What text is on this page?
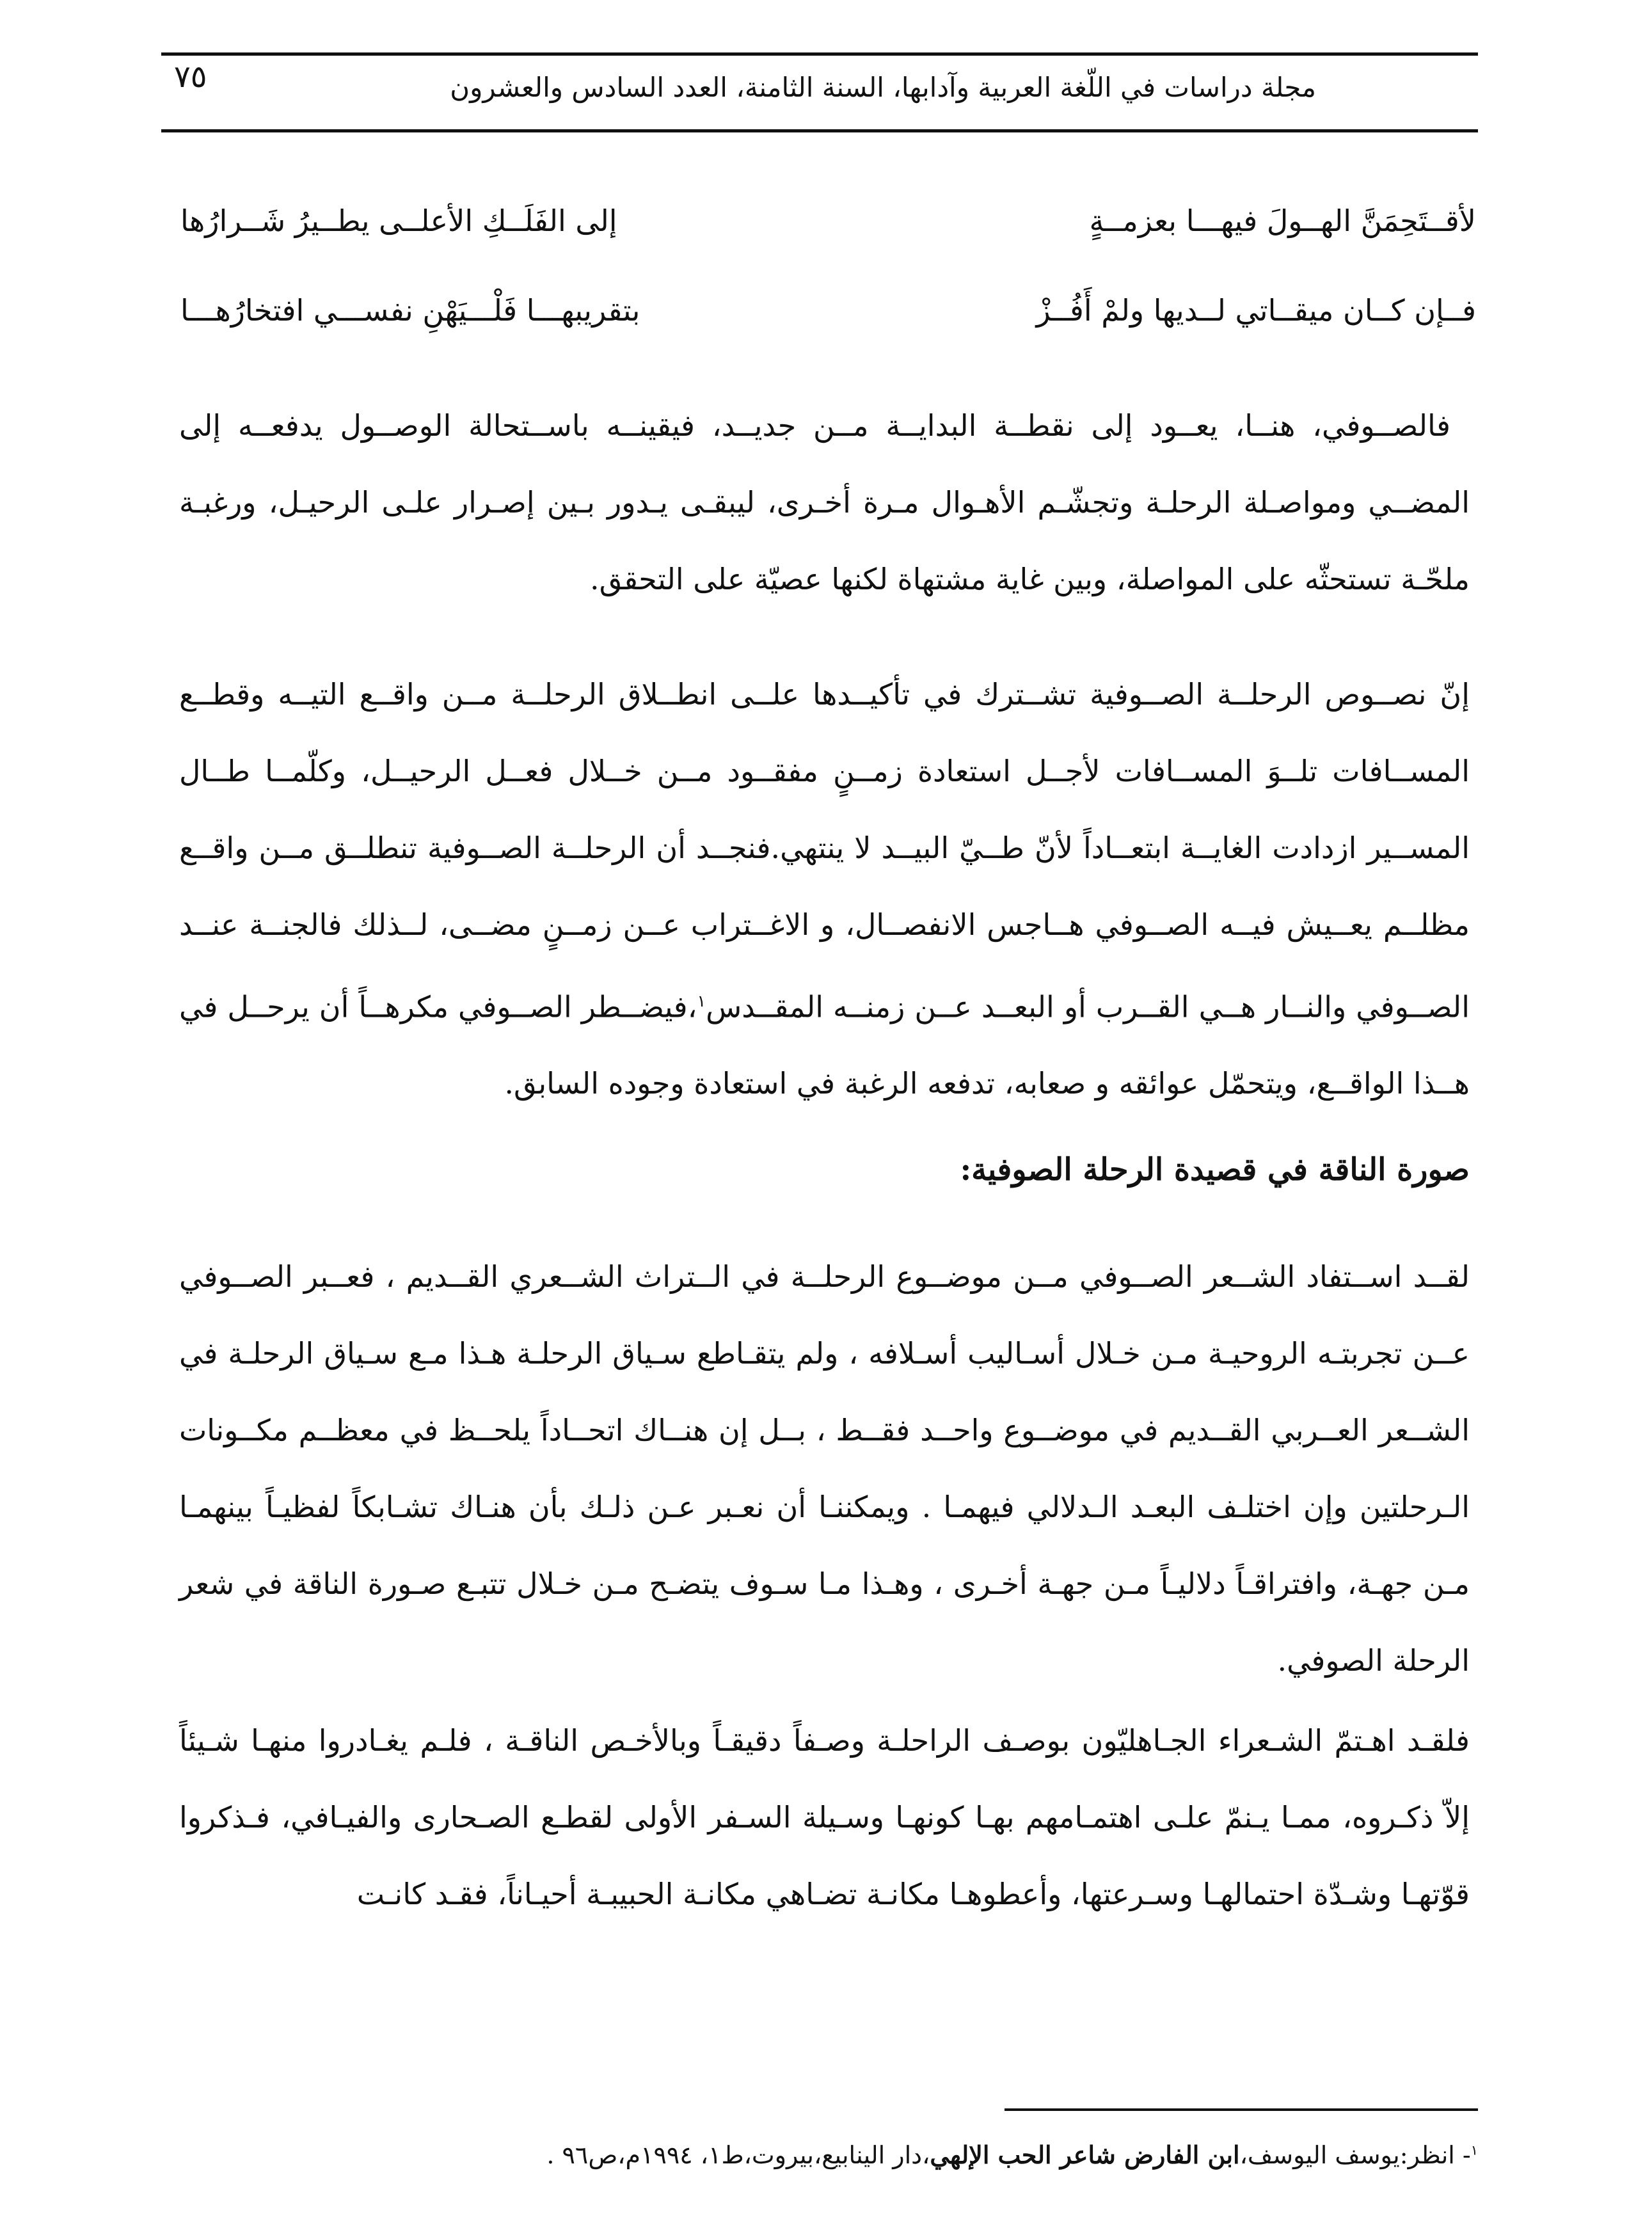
٧٥	مجلة دراسات في اللّغة العربية وآدابها، السنة الثامنة، العدد السادس والعشرون
لأقــتَحِمَنَّ الهــولَ فيهـــا بعزمــةٍ
إلى الفَلَــكِ الأعلــى يطــيرُ شَــرارُها
فــإن كــان ميقــاتي لــديها ولمْ أَفُــزْ
بتقريبهـــا فَلْـــيَهْنِ نفســـي افتخارُهـــا

فالصــوفي، هنــا، يعــود إلى نقطــة البدايــة مــن جديــد، فيقينــه باســتحالة الوصــول يدفعــه إلى المضــي ومواصـلة الرحلـة وتجشّـم الأهـوال مـرة أخـرى، ليبقـى يـدور بـين إصـرار علـى الرحيـل، ورغبـة ملحّـة تستحثّه على المواصلة، وبين غاية مشتهاة لكنها عصيّة على التحقق.

إنّ نصــوص الرحلــة الصــوفية تشــترك في تأكيــدها علــى انطــلاق الرحلــة مــن واقــع التيــه وقطــع المســافات تلــوَ المســافات لأجــل استعادة زمــنٍ مفقــود مــن خــلال فعــل الرحيــل، وكلّمــا طــال المســير ازدادت الغايــة ابتعــاداً لأنّ طــيّ البيــد لا ينتهي.فنجــد أن الرحلــة الصــوفية تنطلــق مــن واقــع مظلــم يعــيش فيــه الصــوفي هــاجس الانفصــال، و الاغــتراب عــن زمــنٍ مضــى، لــذلك فالجنــة عنــد الصــوفي والنــار هــي القــرب أو البعــد عــن زمنــه المقــدس$^١$،فيضــطر الصــوفي مكرهــاً أن يرحــل في هــذا الواقــع، ويتحمّل عوائقه و صعابه، تدفعه الرغبة في استعادة وجوده السابق.

صورة الناقة في قصيدة الرحلة الصوفية:

لقــد اســتفاد الشــعر الصــوفي مــن موضــوع الرحلــة في الــتراث الشــعري القــديم ، فعــبر الصــوفي عــن تجربتـه الروحيـة مـن خـلال أسـاليب أسـلافه ، ولم يتقـاطع سـياق الرحلـة هـذا مـع سـياق الرحلـة في الشــعر العــربي القــديم في موضــوع واحــد فقــط ، بــل إن هنــاك اتحــاداً يلحــظ في معظــم مكــونات الـرحلتين وإن اختلـف البعـد الـدلالي فيهمـا . ويمكننـا أن نعـبر عـن ذلـك بأن هنـاك تشـابكاً لفظيـاً بينهمـا مـن جهـة، وافتراقـاً دلاليـاً مـن جهـة أخـرى ، وهـذا مـا سـوف يتضـح مـن خـلال تتبـع صـورة الناقة في شعر الرحلة الصوفي.

فلقـد اهـتمّ الشـعراء الجـاهليّون بوصـف الراحلـة وصـفاً دقيقـاً وبالأخـص الناقـة ، فلـم يغـادروا منهـا شـيئاً إلاّ ذكـروه، ممـا يـنمّ علـى اهتمـامهم بهـا كونهـا وسـيلة السـفر الأولى لقطـع الصـحارى والفيـافي، فـذكروا قوّتهـا وشـدّة احتمالهـا وسـرعتها، وأعطوهـا مكانـة تضـاهي مكانـة الحبيبـة أحيـاناً، فقـد كانـت

$^١$- انظر:يوسف اليوسف،ابن الفارض شاعر الحب الإلهي،دار الينابيع،بيروت،ط١، ١٩٩٤م،ص٩٦ .
